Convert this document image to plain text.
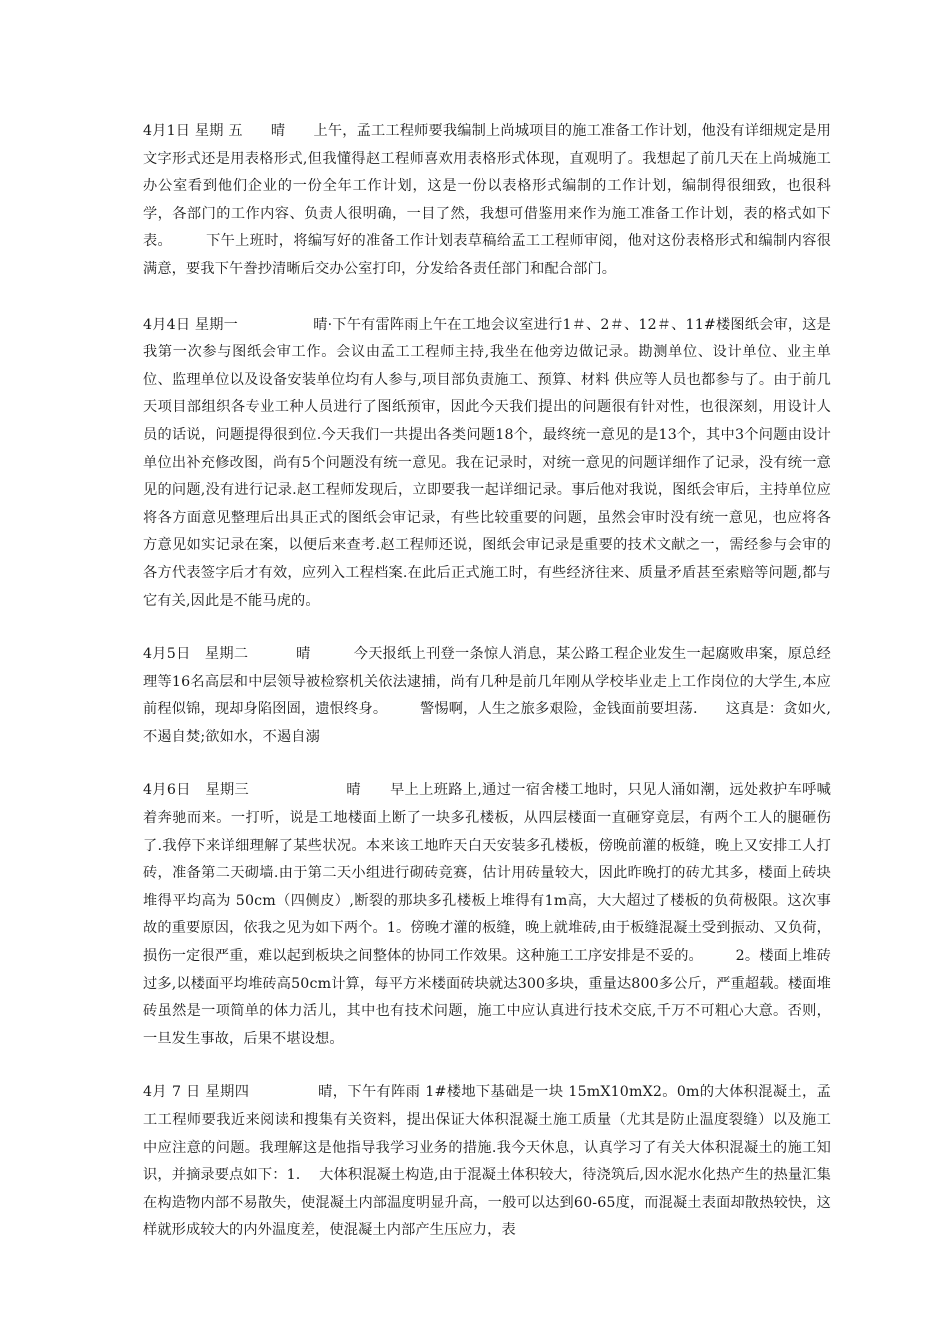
4月1日 星期 五      晴      上午，孟工工程师要我编制上尚城项目的施工准备工作计划，他没有详细规定是用文字形式还是用表格形式,但我懂得赵工程师喜欢用表格形式体现，直观明了。我想起了前几天在上尚城施工办公室看到他们企业的一份全年工作计划，这是一份以表格形式编制的工作计划，编制得很细致，也很科学，各部门的工作内容、负责人很明确，一目了然，我想可借鉴用来作为施工准备工作计划，表的格式如下表。       下午上班时，将编写好的准备工作计划表草稿给孟工工程师审阅，他对这份表格形式和编制内容很满意，要我下午誊抄清晰后交办公室打印，分发给各责任部门和配合部门。

4月4日 星期一                晴·下午有雷阵雨上午在工地会议室进行1＃、2＃、12＃、11#楼图纸会审，这是我第一次参与图纸会审工作。会议由孟工工程师主持,我坐在他旁边做记录。勘测单位、设计单位、业主单位、监理单位以及设备安装单位均有人参与,项目部负责施工、预算、材料 供应等人员也都参与了。由于前几天项目部组织各专业工种人员进行了图纸预审，因此今天我们提出的问题很有针对性，也很深刻，用设计人员的话说，问题提得很到位.今天我们一共提出各类问题18个，最终统一意见的是13个，其中3个问题由设计单位出补充修改图，尚有5个问题没有统一意见。我在记录时，对统一意见的问题详细作了记录，没有统一意见的问题,没有进行记录.赵工程师发现后，立即要我一起详细记录。事后他对我说，图纸会审后，主持单位应将各方面意见整理后出具正式的图纸会审记录，有些比较重要的问题，虽然会审时没有统一意见，也应将各方意见如实记录在案，以便后来查考.赵工程师还说，图纸会审记录是重要的技术文献之一，需经参与会审的各方代表签字后才有效，应列入工程档案.在此后正式施工时，有些经济往来、质量矛盾甚至索赔等问题,都与它有关,因此是不能马虎的。

4月5日   星期二          晴         今天报纸上刊登一条惊人消息，某公路工程企业发生一起腐败串案，原总经理等16名高层和中层领导被检察机关依法逮捕，尚有几种是前几年刚从学校毕业走上工作岗位的大学生,本应前程似锦，现却身陷囹圄，遗恨终身。       警惕啊，人生之旅多艰险，金钱面前要坦荡.      这真是：贪如火,不遏自焚;欲如水，不遏自溺

4月6日   星期三                    晴      早上上班路上,通过一宿舍楼工地时，只见人涌如潮，远处救护车呼喊着奔驰而来。一打听，说是工地楼面上断了一块多孔楼板，从四层楼面一直砸穿竟层，有两个工人的腿砸伤了.我停下来详细理解了某些状况。本来该工地昨天白天安装多孔楼板，傍晚前灌的板缝，晚上又安排工人打砖，准备第二天砌墙.由于第二天小组进行砌砖竞赛，估计用砖量较大，因此昨晚打的砖尤其多，楼面上砖块堆得平均高为 50cm（四侧皮）,断裂的那块多孔楼板上堆得有1m高，大大超过了楼板的负荷极限。这次事故的重要原因，依我之见为如下两个。1。傍晚才灌的板缝，晚上就堆砖,由于板缝混凝土受到振动、又负荷，损伤一定很严重，难以起到板块之间整体的协同工作效果。这种施工工序安排是不妥的。       2。楼面上堆砖过多,以楼面平均堆砖高50cm计算，每平方米楼面砖块就达300多块，重量达800多公斤，严重超载。楼面堆砖虽然是一项简单的体力活儿，其中也有技术问题，施工中应认真进行技术交底,千万不可粗心大意。否则，一旦发生事故，后果不堪设想。

4月 7 日 星期四              晴，下午有阵雨 1#楼地下基础是一块 15mX10mX2。0m的大体积混凝土，孟工工程师要我近来阅读和搜集有关资料，提出保证大体积混凝土施工质量（尤其是防止温度裂缝）以及施工中应注意的问题。我理解这是他指导我学习业务的措施.我今天休息，认真学习了有关大体积混凝土的施工知识，并摘录要点如下：1.    大体积混凝土构造,由于混凝土体积较大，待浇筑后,因水泥水化热产生的热量汇集在构造物内部不易散失，使混凝土内部温度明显升高，一般可以达到60-65度，而混凝土表面却散热较快，这样就形成较大的内外温度差，使混凝土内部产生压应力，表
